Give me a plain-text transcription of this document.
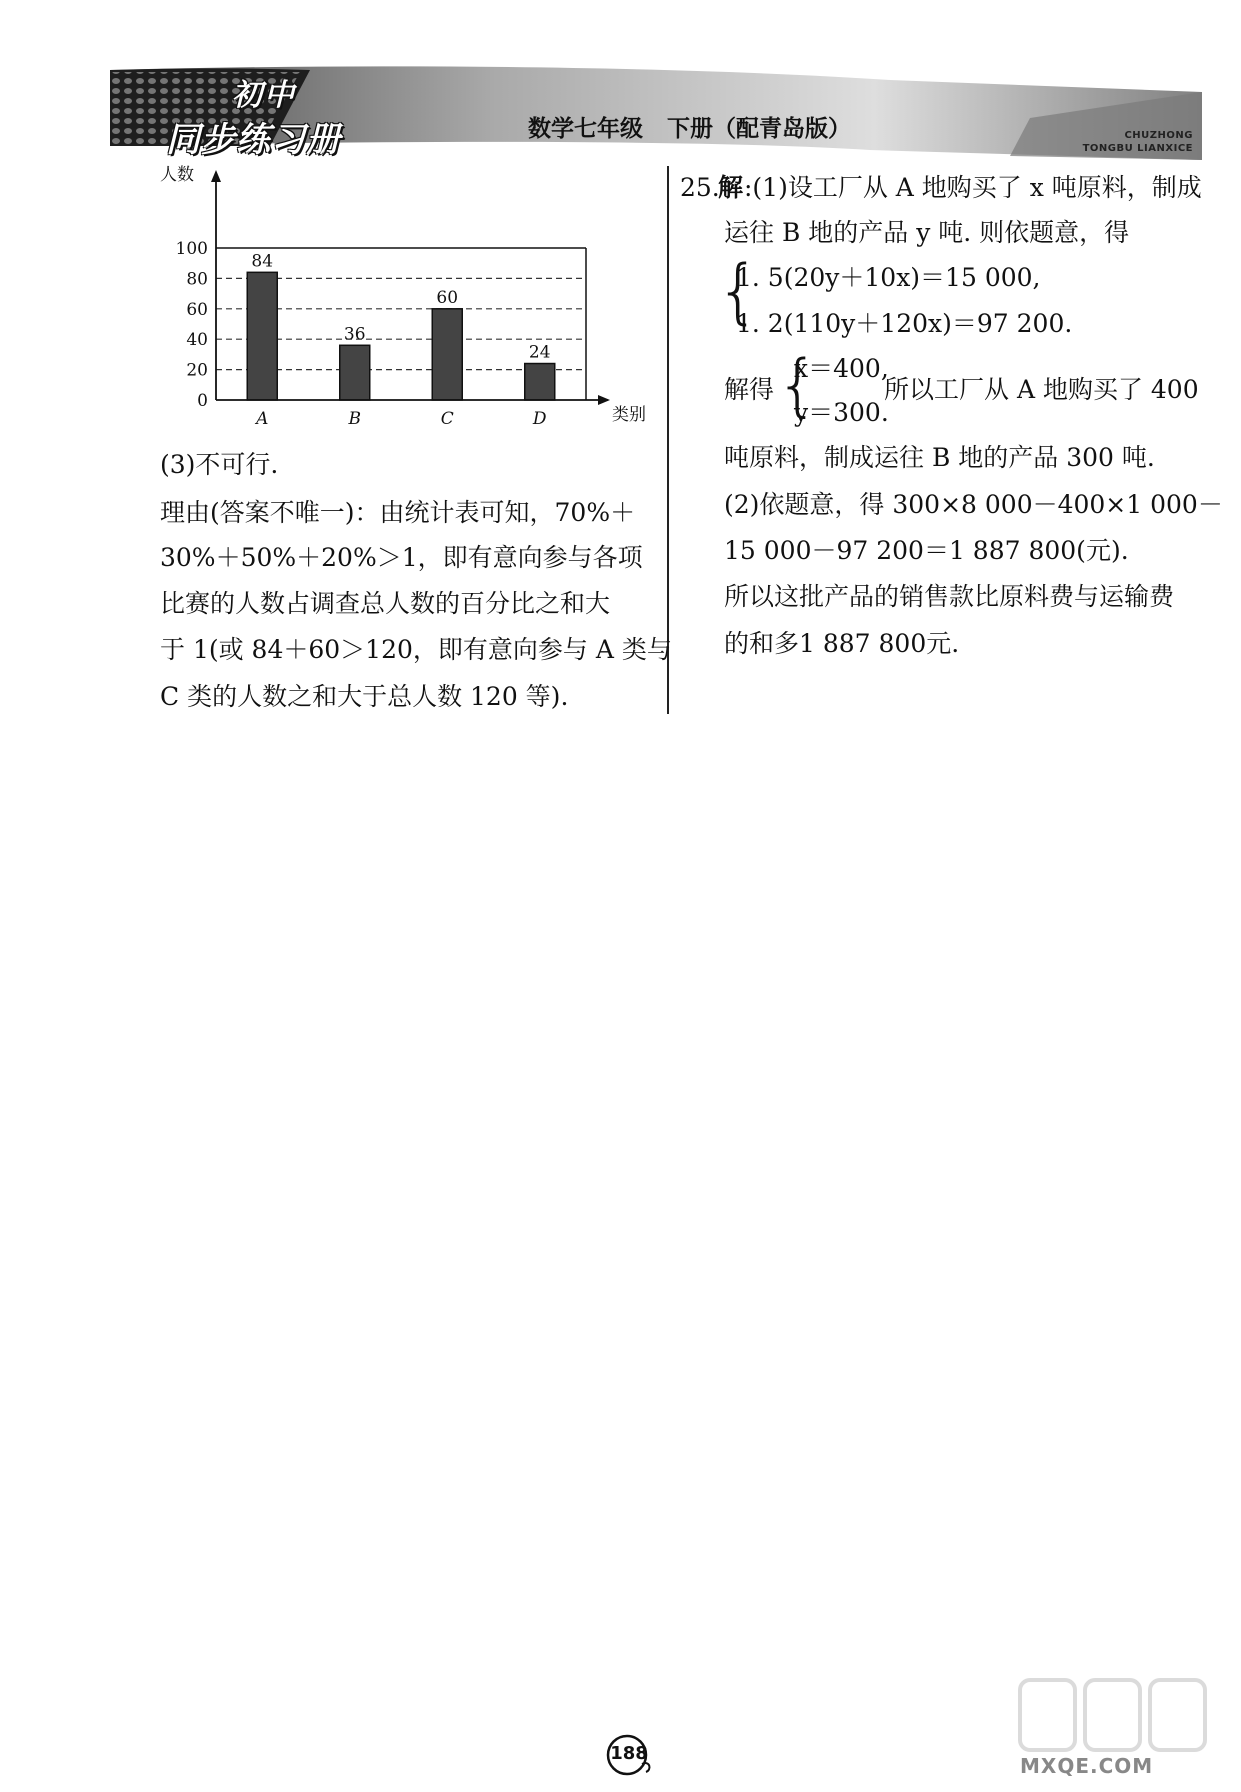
初中
同步练习册	数学七年级   下册（配青岛版）	CHUZHONG
TONGBU LIANXICE
0
20
40
60
80
100
人数
类别
84
A
36
B
60
C
24
D
(3)不可行.
理由(答案不唯一)：由统计表可知，70%＋
30%＋50%＋20%＞1，即有意向参与各项
比赛的人数占调查总人数的百分比之和大
于 1(或 84＋60＞120，即有意向参与 A 类与
C 类的人数之和大于总人数 120 等).
25.
解 :(1)设工厂从 A 地购买了 x 吨原料，制成
运往 B 地的产品 y 吨. 则依题意，得
{
1. 5(20y＋10x)＝15 000,
1. 2(110y＋120x)＝97 200.
解得 {
x＝400,
y＝300.
所以工厂从 A 地购买了 400
吨原料，制成运往 B 地的产品 300 吨.
(2)依题意，得 300×8 000－400×1 000－
15 000－97 200＝1 887 800(元).
所以这批产品的销售款比原料费与运输费
的和多1 887 800元.
188
MXQE.COM
